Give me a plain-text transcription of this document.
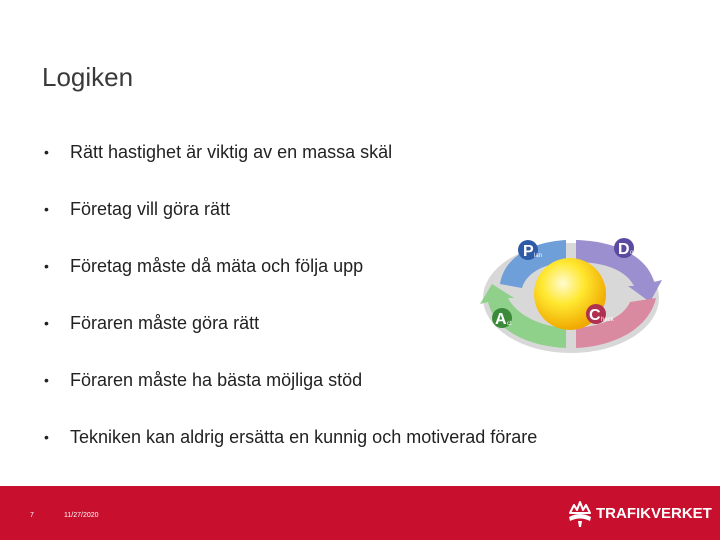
Logiken
•	Rätt hastighet är viktig av en massa skäl
•	Företag vill göra rätt
•	Företag måste då mäta och följa upp
•	Föraren måste göra rätt
•	Föraren måste ha bästa möjliga stöd
•	Tekniken kan aldrig ersätta en kunnig och motiverad förare
P lan	D o
C heck
A ct
7	11/27/2020	TRAFIKVERKET
